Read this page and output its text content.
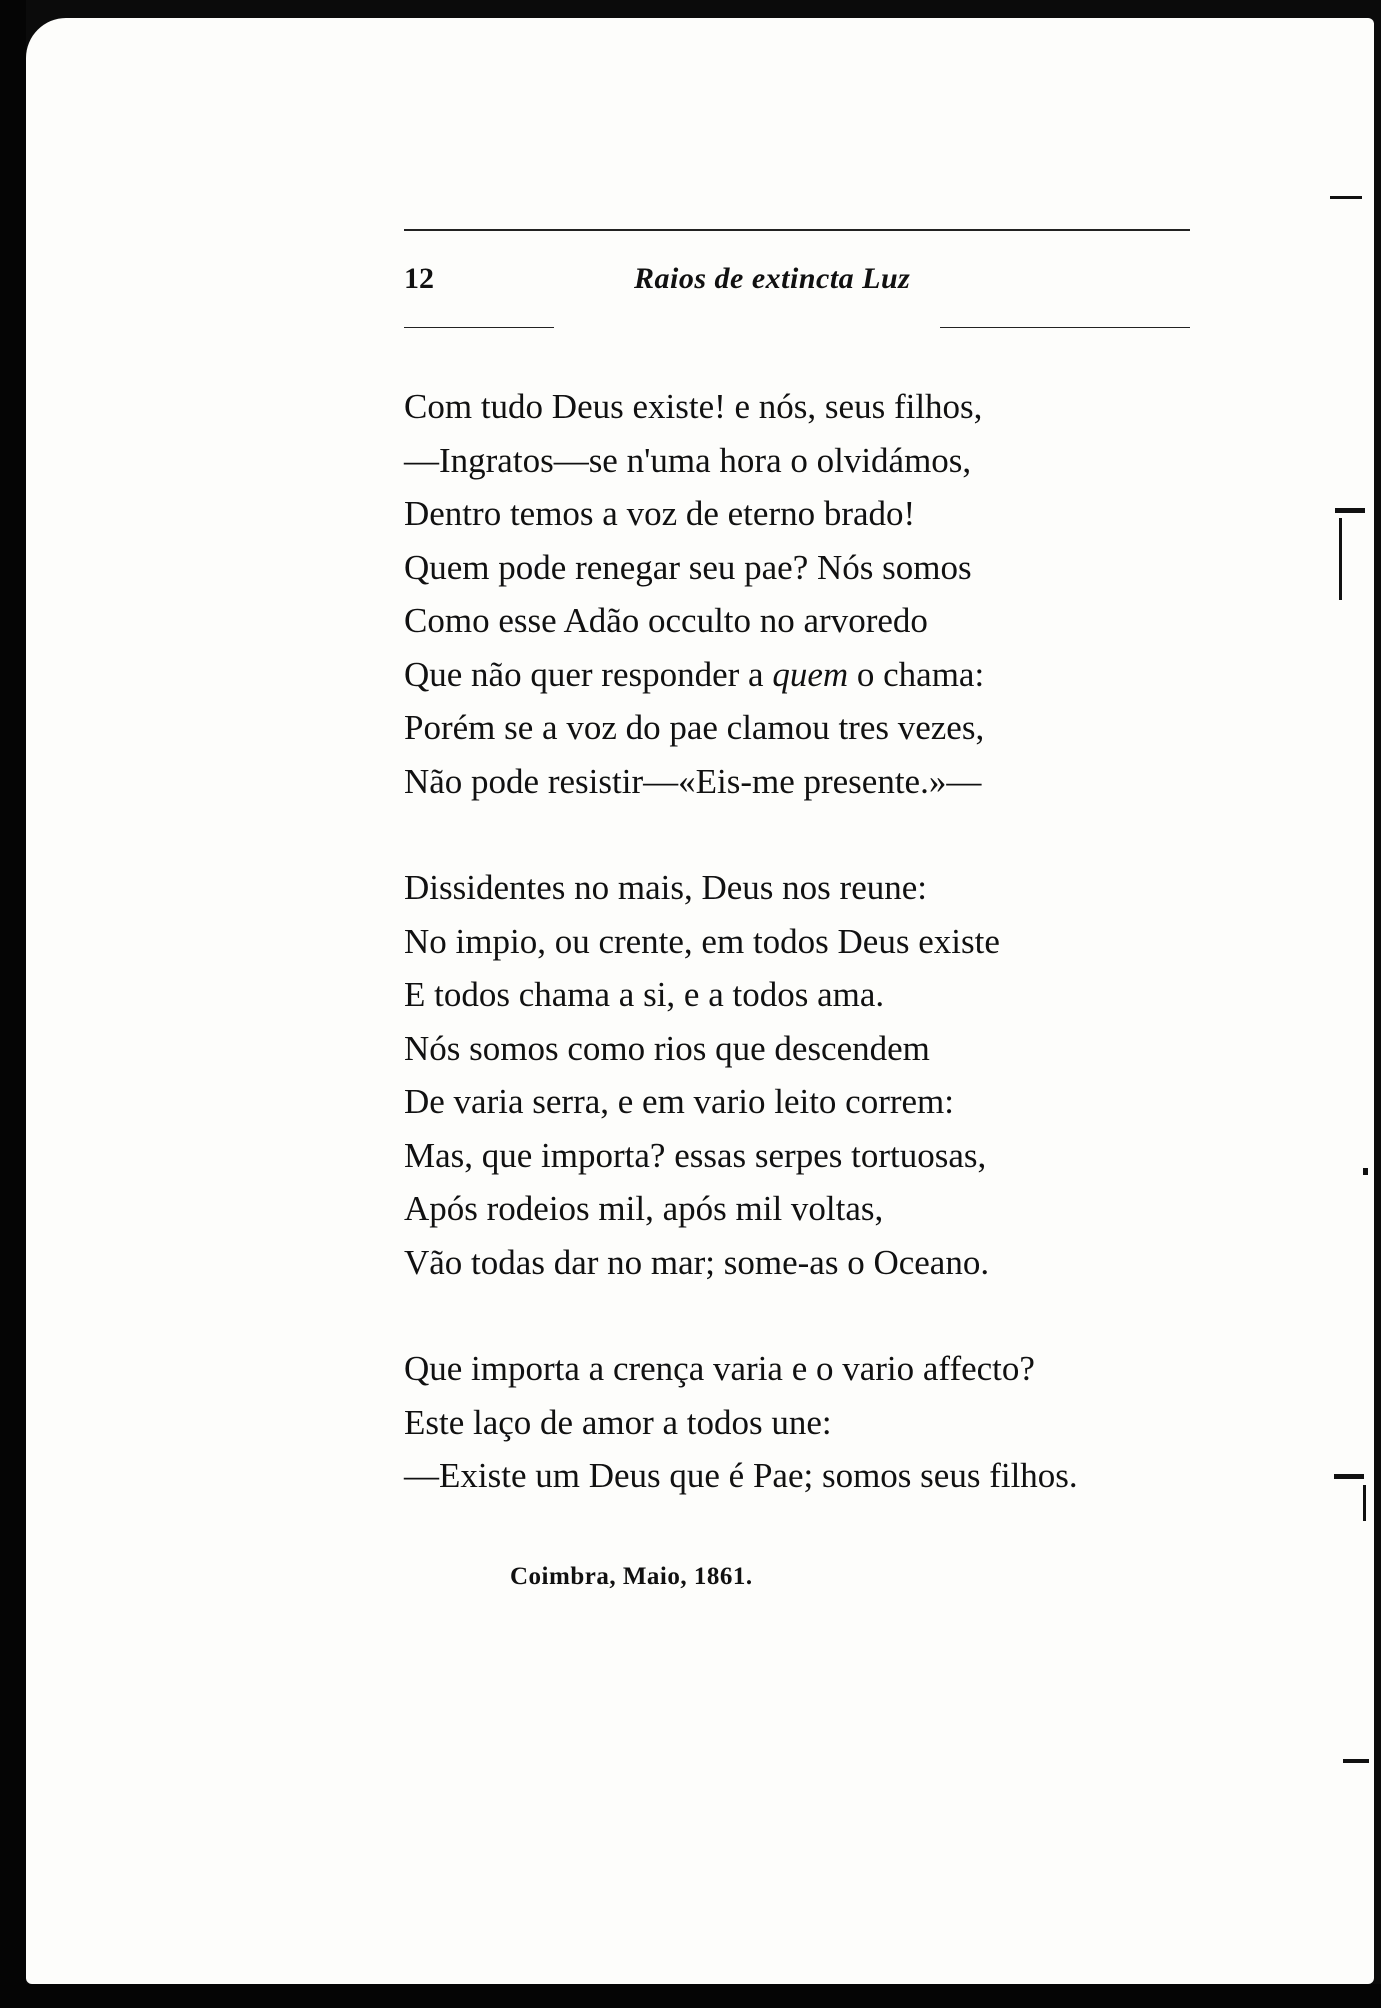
12	Raios de extincta Luz
Com tudo Deus existe! e nós, seus filhos,
—Ingratos—se n'uma hora o olvidámos,
Dentro temos a voz de eterno brado!
Quem pode renegar seu pae? Nós somos
Como esse Adão occulto no arvoredo
Que não quer responder a quem o chama:
Porém se a voz do pae clamou tres vezes,
Não pode resistir—«Eis-me presente.»—
Dissidentes no mais, Deus nos reune:
No impio, ou crente, em todos Deus existe
E todos chama a si, e a todos ama.
Nós somos como rios que descendem
De varia serra, e em vario leito correm:
Mas, que importa? essas serpes tortuosas,
Após rodeios mil, após mil voltas,
Vão todas dar no mar; some-as o Oceano.
Que importa a crença varia e o vario affecto?
Este laço de amor a todos une:
—Existe um Deus que é Pae; somos seus filhos.
Coimbra, Maio, 1861.
